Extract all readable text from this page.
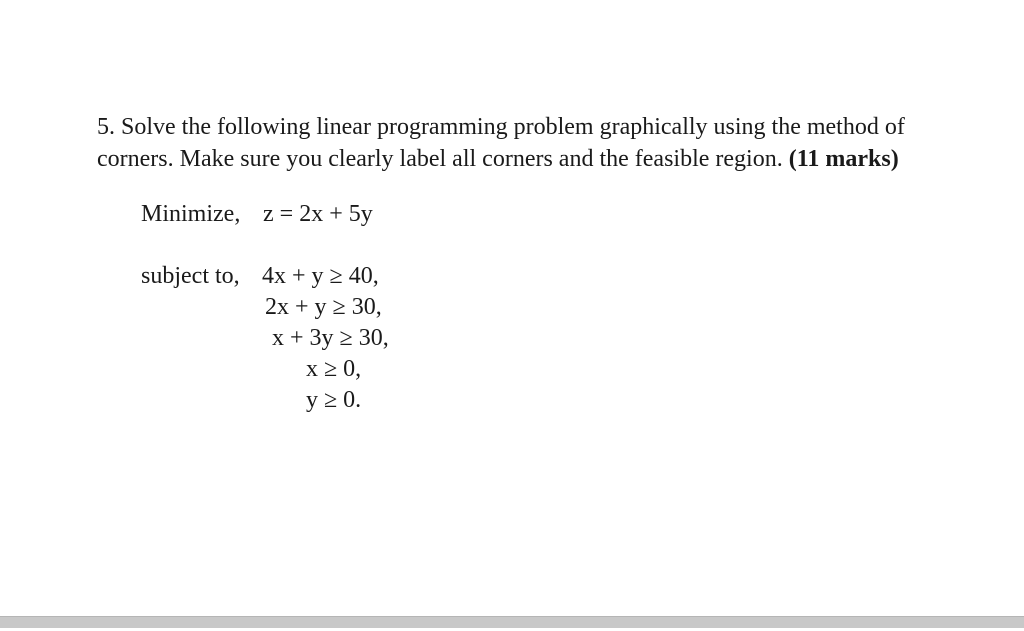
5. Solve the following linear programming problem graphically using the method of
corners. Make sure you clearly label all corners and the feasible region. (11 marks)
Minimize, z = 2x + 5y
subject to, 4x + y ≥ 40,
2x + y ≥ 30,
x + 3y ≥ 30,
x ≥ 0,
y ≥ 0.
